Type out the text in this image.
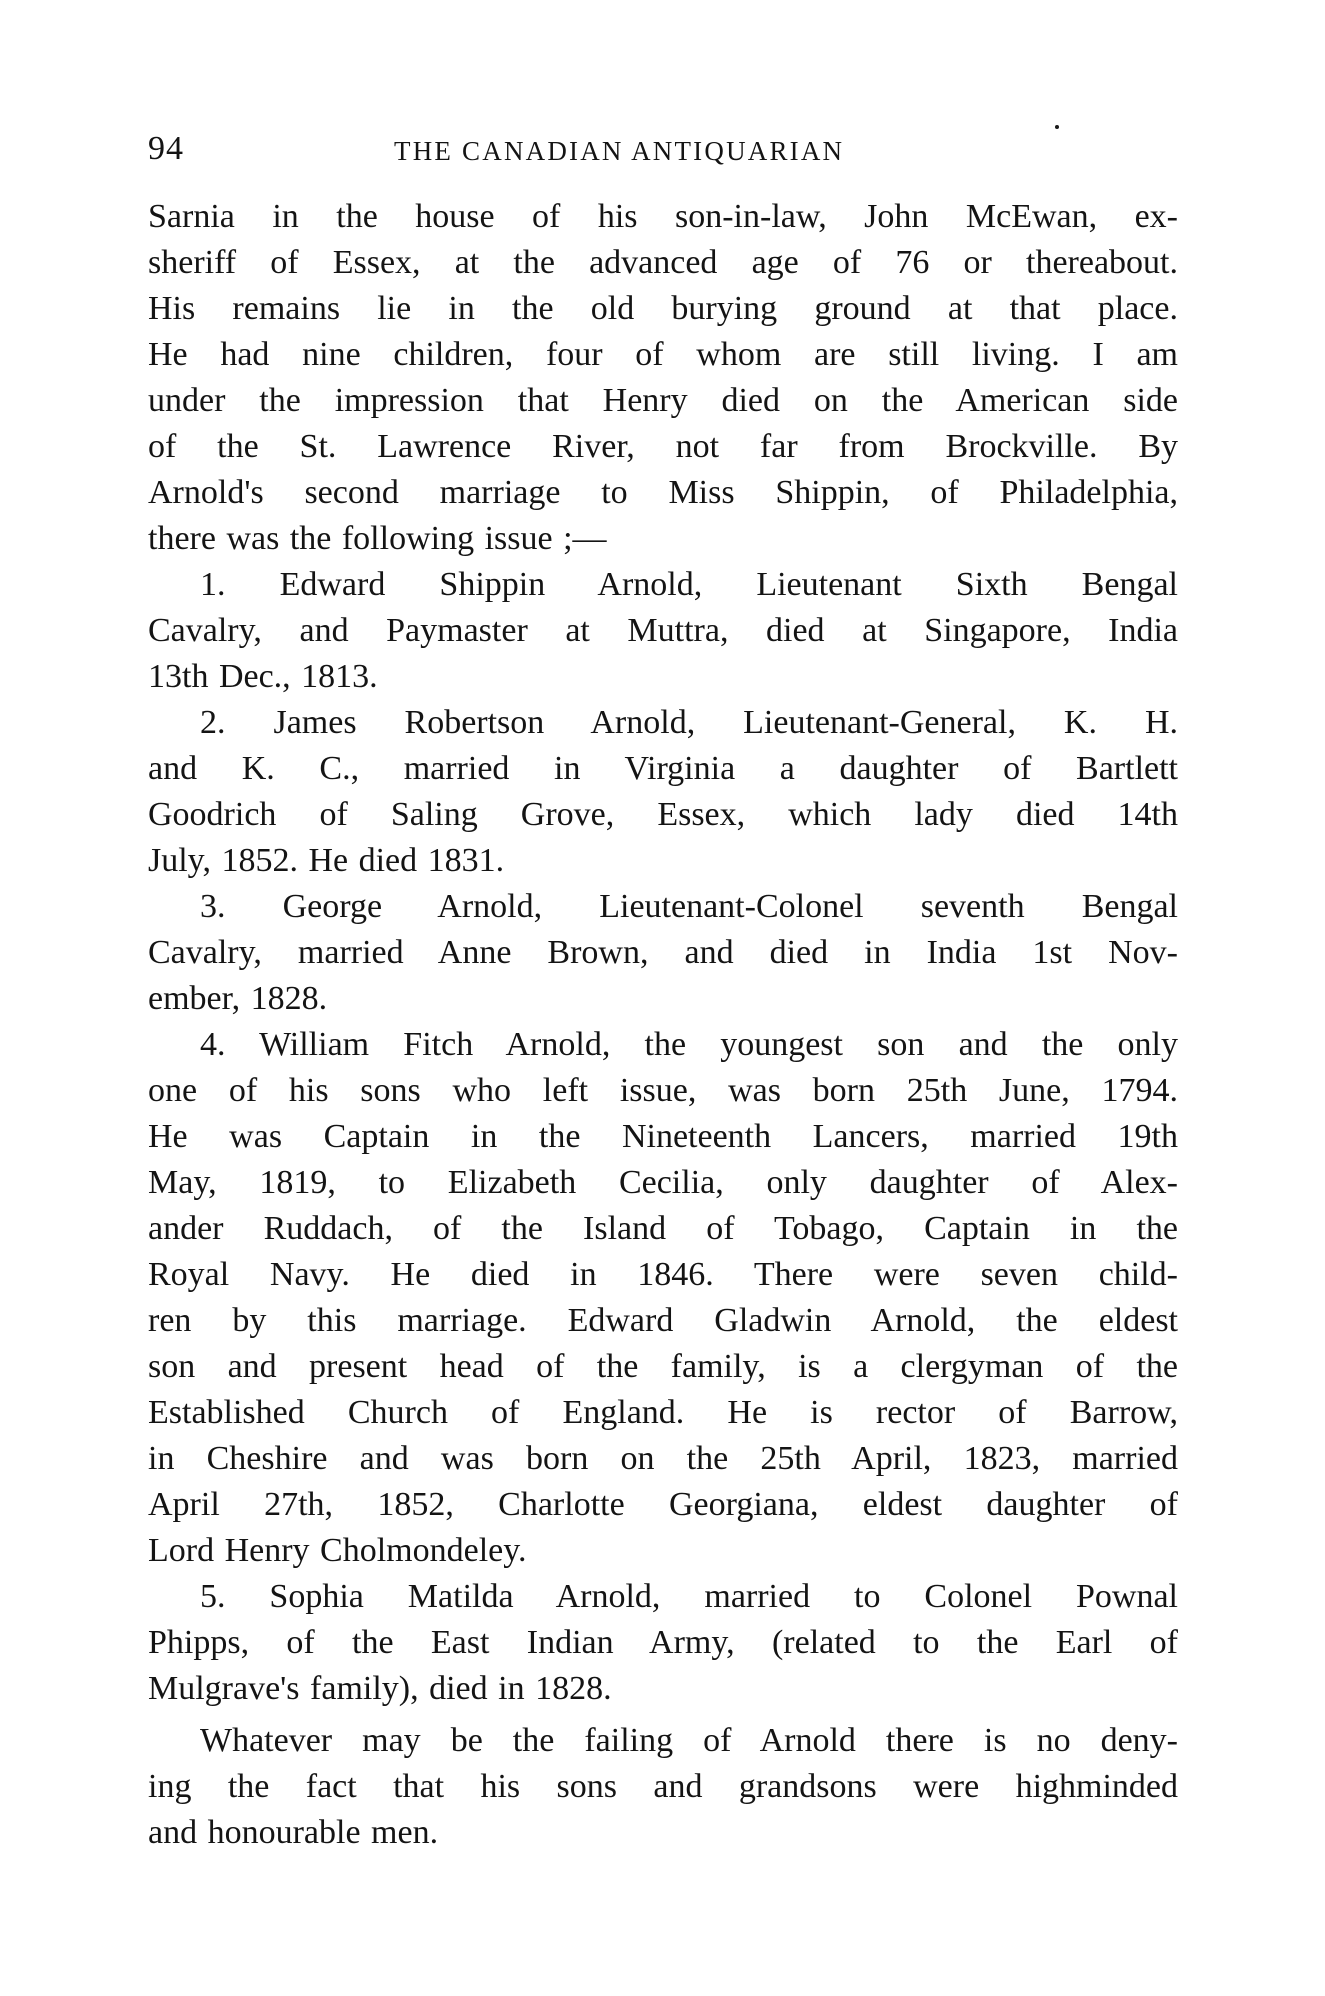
94	THE CANADIAN ANTIQUARIAN
Sarnia in the house of his son-in-law, John McEwan, ex-
sheriff of Essex, at the advanced age of 76 or thereabout.
His remains lie in the old burying ground at that place.
He had nine children, four of whom are still living. I am
under the impression that Henry died on the American side
of the St. Lawrence River, not far from Brockville. By
Arnold's second marriage to Miss Shippin, of Philadelphia,
there was the following issue ;—
1. Edward Shippin Arnold, Lieutenant Sixth Bengal
Cavalry, and Paymaster at Muttra, died at Singapore, India
13th Dec., 1813.
2. James Robertson Arnold, Lieutenant-General, K. H.
and K. C., married in Virginia a daughter of Bartlett
Goodrich of Saling Grove, Essex, which lady died 14th
July, 1852. He died 1831.
3. George Arnold, Lieutenant-Colonel seventh Bengal
Cavalry, married Anne Brown, and died in India 1st Nov-
ember, 1828.
4. William Fitch Arnold, the youngest son and the only
one of his sons who left issue, was born 25th June, 1794.
He was Captain in the Nineteenth Lancers, married 19th
May, 1819, to Elizabeth Cecilia, only daughter of Alex-
ander Ruddach, of the Island of Tobago, Captain in the
Royal Navy. He died in 1846. There were seven child-
ren by this marriage. Edward Gladwin Arnold, the eldest
son and present head of the family, is a clergyman of the
Established Church of England. He is rector of Barrow,
in Cheshire and was born on the 25th April, 1823, married
April 27th, 1852, Charlotte Georgiana, eldest daughter of
Lord Henry Cholmondeley.
5. Sophia Matilda Arnold, married to Colonel Pownal
Phipps, of the East Indian Army, (related to the Earl of
Mulgrave's family), died in 1828.
Whatever may be the failing of Arnold there is no deny-
ing the fact that his sons and grandsons were highminded
and honourable men.
